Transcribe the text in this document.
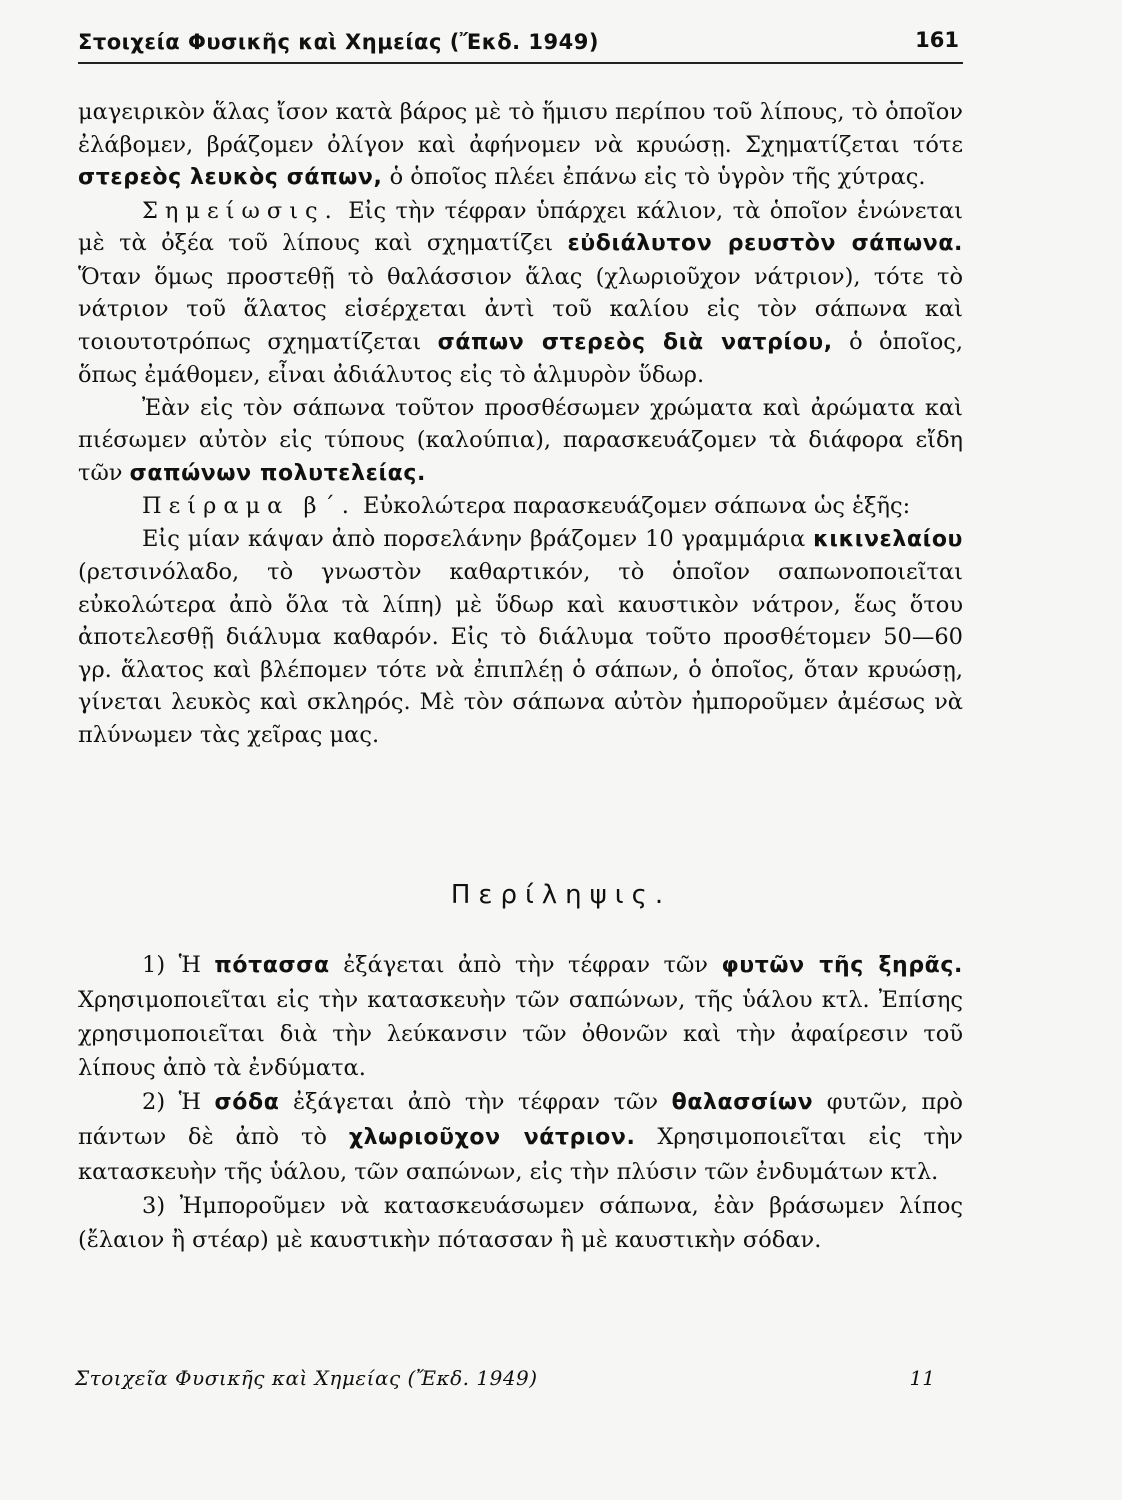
Στοιχεία Φυσικῆς καὶ Χημείας (Ἔκδ. 1949)	161

μαγειρικὸν ἅλας ἴσον κατὰ βάρος μὲ τὸ ἥμισυ περίπου τοῦ λίπους, τὸ ὁποῖον ἐλάβομεν, βράζομεν ὀλίγον καὶ ἀφήνομεν νὰ κρυώσῃ. Σχηματίζεται τότε στερεὸς λευκὸς σάπων, ὁ ὁποῖος πλέει ἐπάνω εἰς τὸ ὑγρὸν τῆς χύτρας.

Σημείωσις. Εἰς τὴν τέφραν ὑπάρχει κάλιον, τὰ ὁποῖον ἑνώνεται μὲ τὰ ὀξέα τοῦ λίπους καὶ σχηματίζει εὐδιάλυτον ρευστὸν σάπωνα. Ὅταν ὅμως προστεθῇ τὸ θαλάσσιον ἅλας (χλωριοῦχον νάτριον), τότε τὸ νάτριον τοῦ ἅλατος εἰσέρχεται ἀντὶ τοῦ καλίου εἰς τὸν σάπωνα καὶ τοιουτοτρόπως σχηματίζεται σάπων στερεὸς διὰ νατρίου, ὁ ὁποῖος, ὅπως ἐμάθομεν, εἶναι ἀδιάλυτος εἰς τὸ ἁλμυρὸν ὕδωρ.

Ἐὰν εἰς τὸν σάπωνα τοῦτον προσθέσωμεν χρώματα καὶ ἀρώματα καὶ πιέσωμεν αὐτὸν εἰς τύπους (καλούπια), παρασκευάζομεν τὰ διάφορα εἴδη τῶν σαπώνων πολυτελείας.

Πείραμα β΄. Εὐκολώτερα παρασκευάζομεν σάπωνα ὡς ἑξῆς:

Εἰς μίαν κάψαν ἀπὸ πορσελάνην βράζομεν 10 γραμμάρια κικινελαίου (ρετσινόλαδο, τὸ γνωστὸν καθαρτικόν, τὸ ὁποῖον σαπωνοποιεῖται εὐκολώτερα ἀπὸ ὅλα τὰ λίπη) μὲ ὕδωρ καὶ καυστικὸν νάτρον, ἕως ὅτου ἀποτελεσθῇ διάλυμα καθαρόν. Εἰς τὸ διάλυμα τοῦτο προσθέτομεν 50—60 γρ. ἅλατος καὶ βλέπομεν τότε νὰ ἐπιπλέῃ ὁ σάπων, ὁ ὁποῖος, ὅταν κρυώσῃ, γίνεται λευκὸς καὶ σκληρός. Μὲ τὸν σάπωνα αὐτὸν ἠμποροῦμεν ἀμέσως νὰ πλύνωμεν τὰς χεῖρας μας.

Περίληψις.

1) Ἡ πότασσα ἐξάγεται ἀπὸ τὴν τέφραν τῶν φυτῶν τῆς ξηρᾶς. Χρησιμοποιεῖται εἰς τὴν κατασκευὴν τῶν σαπώνων, τῆς ὑάλου κτλ. Ἐπίσης χρησιμοποιεῖται διὰ τὴν λεύκανσιν τῶν ὀθονῶν καὶ τὴν ἀφαίρεσιν τοῦ λίπους ἀπὸ τὰ ἐνδύματα.

2) Ἡ σόδα ἐξάγεται ἀπὸ τὴν τέφραν τῶν θαλασσίων φυτῶν, πρὸ πάντων δὲ ἀπὸ τὸ χλωριοῦχον νάτριον. Χρησιμοποιεῖται εἰς τὴν κατασκευὴν τῆς ὑάλου, τῶν σαπώνων, εἰς τὴν πλύσιν τῶν ἐνδυμάτων κτλ.

3) Ἠμποροῦμεν νὰ κατασκευάσωμεν σάπωνα, ἐὰν βράσωμεν λίπος (ἔλαιον ἢ στέαρ) μὲ καυστικὴν πότασσαν ἢ μὲ καυστικὴν σόδαν.

Στοιχεῖα Φυσικῆς καὶ Χημείας (Ἔκδ. 1949)	11
